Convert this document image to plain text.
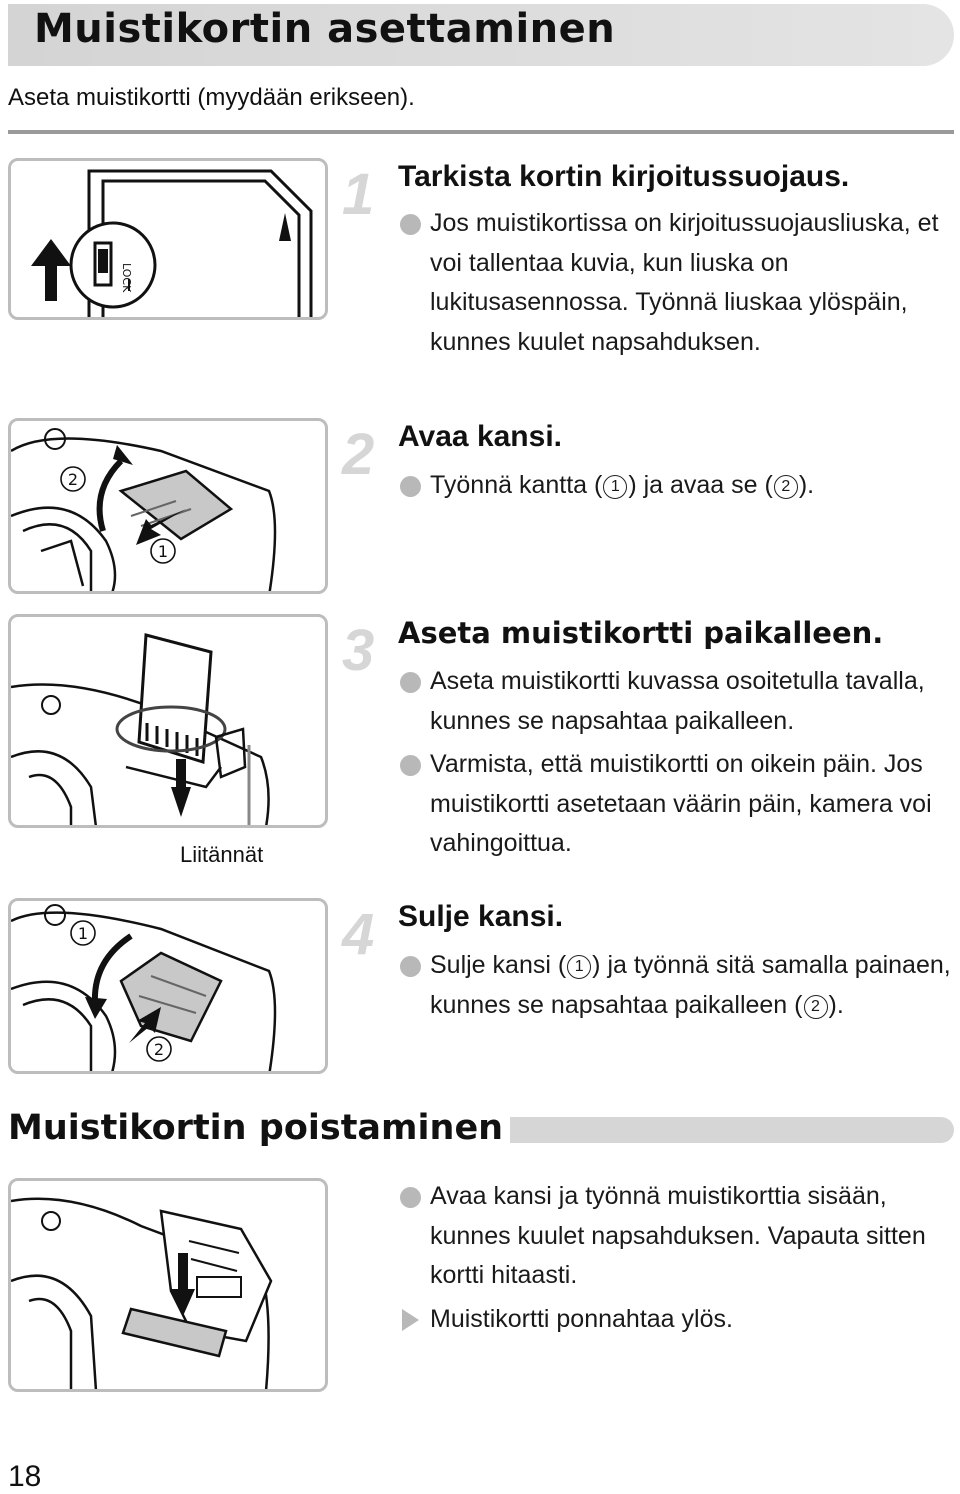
Muistikortin asettaminen
Aseta muistikortti (myydään erikseen).
LOCK
2
1
Liitännät
1
2
1 Tarkista kortin kirjoitussuojaus.
Jos muistikortissa on kirjoitussuojausliuska, et voi tallentaa kuvia, kun liuska on lukitusasennossa. Työnnä liuskaa ylöspäin, kunnes kuulet napsahduksen.
2 Avaa kansi.
Työnnä kantta ( 1 ) ja avaa se ( 2 ).
3 Aseta muistikortti paikalleen.
Aseta muistikortti kuvassa osoitetulla tavalla, kunnes se napsahtaa paikalleen.
Varmista, että muistikortti on oikein päin. Jos muistikortti asetetaan väärin päin, kamera voi vahingoittua.
4 Sulje kansi.
Sulje kansi ( 1 ) ja työnnä sitä samalla painaen, kunnes se napsahtaa paikalleen ( 2 ).
Muistikortin poistaminen
Avaa kansi ja työnnä muistikorttia sisään, kunnes kuulet napsahduksen. Vapauta sitten kortti hitaasti.
Muistikortti ponnahtaa ylös.
18
